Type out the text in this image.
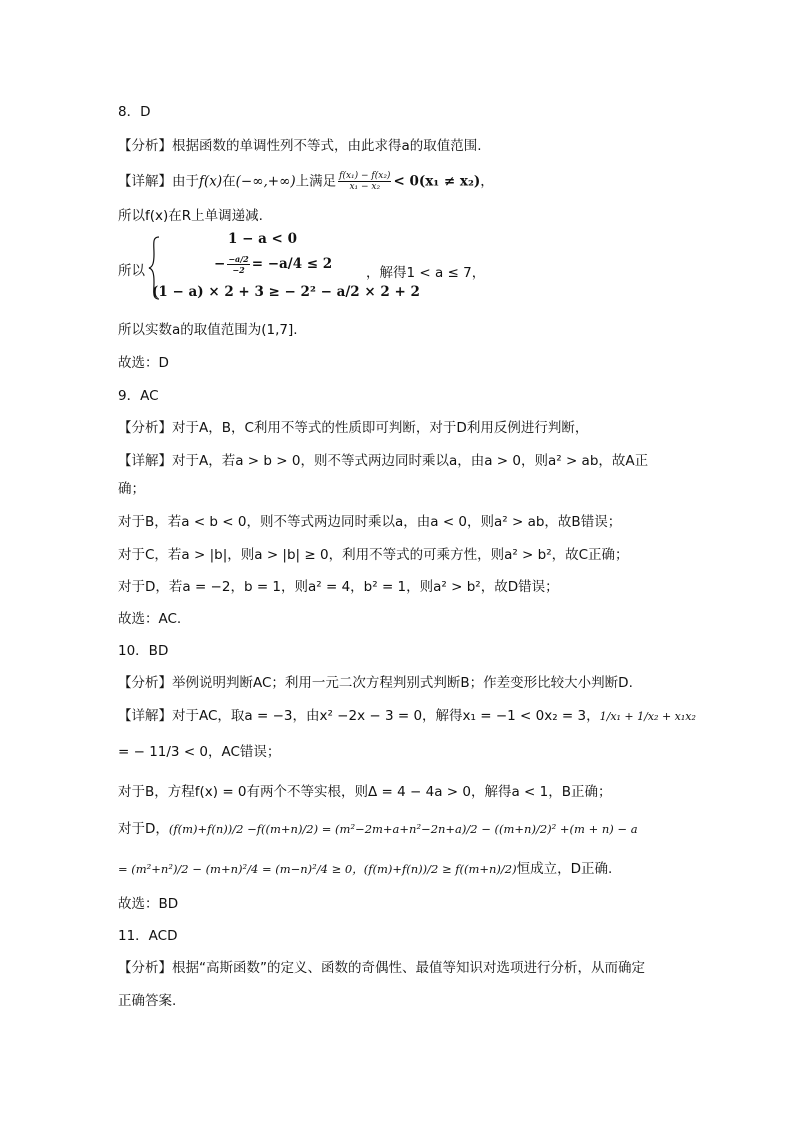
8．D
【分析】根据函数的单调性列不等式，由此求得a的取值范围.
【详解】由于f(x)在(−∞,+∞)上满足 $\frac{\text{f(x₁) − f(x₂)}}{\text{x₁ − x₂}} < 0(x_1 \ne x_2)$，
所以f(x)在R上单调递减.
所以
1 − a < 0
− $\frac{-a/2}{-2} = -a/4 \le 2$
(1 − a) × 2 + 3 ≥ − 2² − a/2 × 2 + 2
，解得1 < a ≤ 7，
所以实数a的取值范围为(1,7].
故选：D
9．AC
【分析】对于A，B，C利用不等式的性质即可判断，对于D利用反例进行判断，
【详解】对于A，若a > b > 0，则不等式两边同时乘以a，由a > 0，则a² > ab，故A正
确；
对于B，若a < b < 0，则不等式两边同时乘以a，由a < 0，则a² > ab，故B错误；
对于C，若a > |b|，则a > |b| ≥ 0，利用不等式的可乘方性，则a² > b²，故C正确；
对于D，若a = −2，b = 1，则a² = 4，b² = 1，则a² > b²，故D错误；
故选：AC.
10．BD
【分析】举例说明判断AC；利用一元二次方程判别式判断B；作差变形比较大小判断D.
【详解】对于AC，取a = −3，由x² −2x − 3 = 0，解得x₁ = −1 < 0x₂ = 3，1/x₁ + 1/x₂ + x₁x₂
= − 11/3 < 0，AC错误；
对于B，方程f(x) = 0有两个不等实根，则Δ = 4 − 4a > 0，解得a < 1，B正确；
对于D，(f(m)+f(n))/2 −f((m+n)/2) = (m²−2m+a+n²−2n+a)/2 − ((m+n)/2)² +(m + n) − a
= (m²+n²)/2 − (m+n)²/4 = (m−n)²/4 ≥ 0，(f(m)+f(n))/2 ≥ f((m+n)/2)恒成立，D正确.
故选：BD
11．ACD
【分析】根据“高斯函数”的定义、函数的奇偶性、最值等知识对选项进行分析，从而确定
正确答案.
